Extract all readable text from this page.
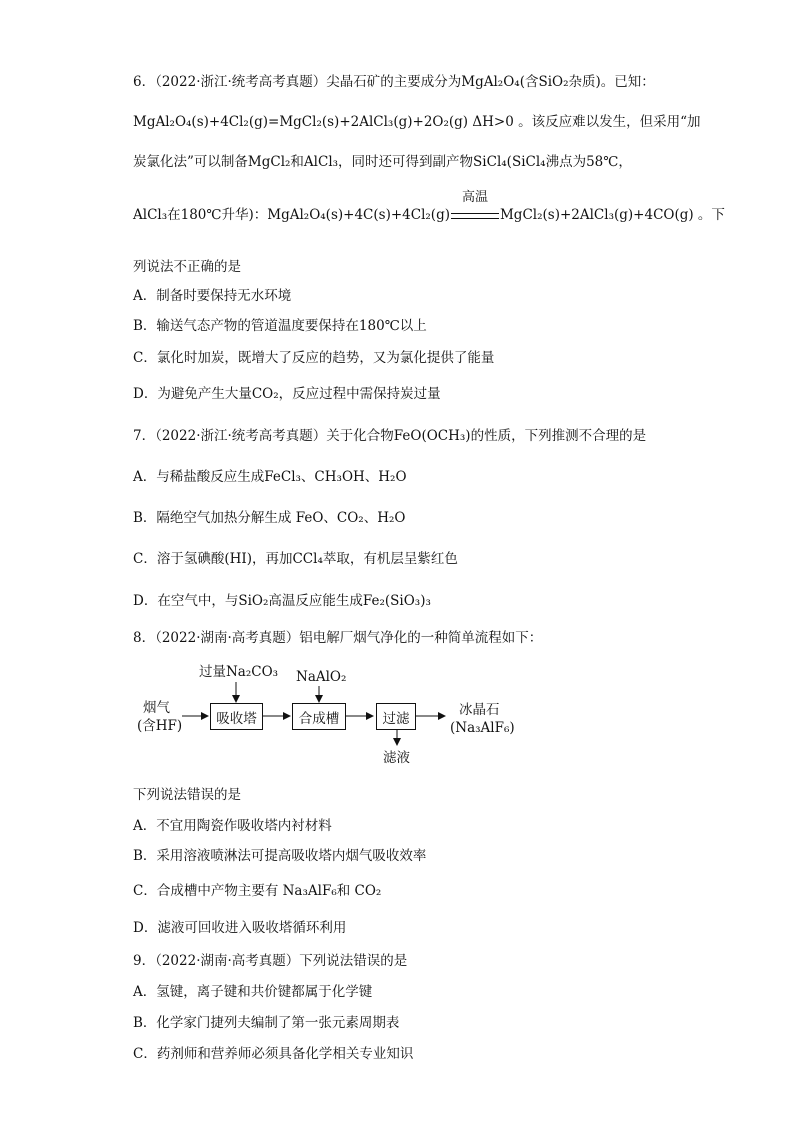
6．（2022·浙江·统考高考真题）尖晶石矿的主要成分为MgAl₂O₄(含SiO₂杂质)。已知：
MgAl₂O₄(s)+4Cl₂(g)=MgCl₂(s)+2AlCl₃(g)+2O₂(g) ΔH>0 。该反应难以发生，但采用“加
炭氯化法”可以制备MgCl₂和AlCl₃，同时还可得到副产物SiCl₄(SiCl₄沸点为58℃，
AlCl₃在180℃升华)：MgAl₂O₄(s)+4C(s)+4Cl₂(g)
高温
MgCl₂(s)+2AlCl₃(g)+4CO(g) 。下
列说法不正确的是
A．制备时要保持无水环境
B．输送气态产物的管道温度要保持在180℃以上
C．氯化时加炭，既增大了反应的趋势，又为氯化提供了能量
D．为避免产生大量CO₂，反应过程中需保持炭过量
7．（2022·浙江·统考高考真题）关于化合物FeO(OCH₃)的性质，下列推测不合理的是
A．与稀盐酸反应生成FeCl₃、CH₃OH、H₂O
B．隔绝空气加热分解生成 FeO、CO₂、H₂O
C．溶于氢碘酸(HI)，再加CCl₄萃取，有机层呈紫红色
D．在空气中，与SiO₂高温反应能生成Fe₂(SiO₃)₃
8．（2022·湖南·高考真题）铝电解厂烟气净化的一种简单流程如下：
烟气
(含HF)
过量Na₂CO₃ NaAlO₂
吸收塔	合成槽	过滤
冰晶石
(Na₃AlF₆)
滤液
下列说法错误的是
A．不宜用陶瓷作吸收塔内衬材料
B．采用溶液喷淋法可提高吸收塔内烟气吸收效率
C．合成槽中产物主要有 Na₃AlF₆和 CO₂
D．滤液可回收进入吸收塔循环利用
9．（2022·湖南·高考真题）下列说法错误的是
A．氢键，离子键和共价键都属于化学键
B．化学家门捷列夫编制了第一张元素周期表
C．药剂师和营养师必须具备化学相关专业知识
